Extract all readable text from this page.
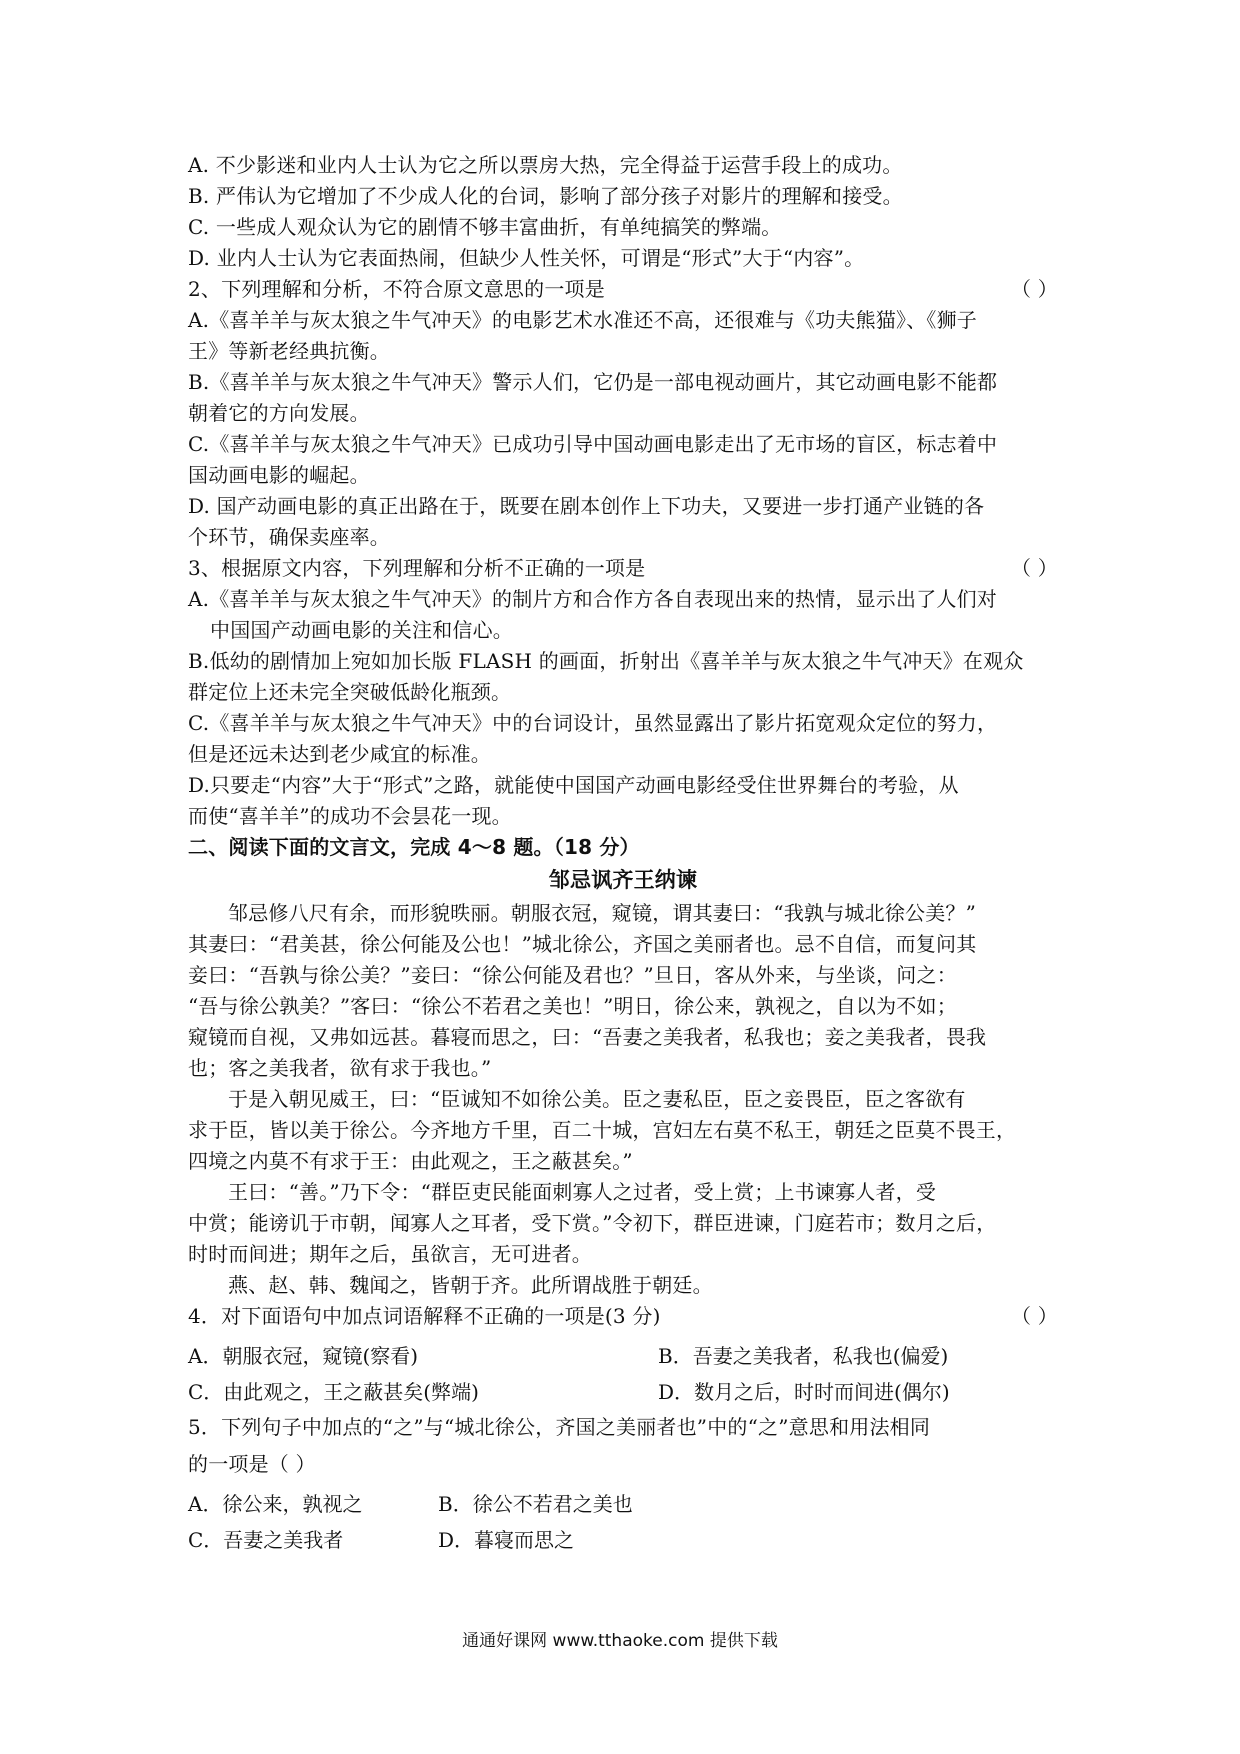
A. 不少影迷和业内人士认为它之所以票房大热，完全得益于运营手段上的成功。
B. 严伟认为它增加了不少成人化的台词，影响了部分孩子对影片的理解和接受。
C. 一些成人观众认为它的剧情不够丰富曲折，有单纯搞笑的弊端。
D. 业内人士认为它表面热闹，但缺少人性关怀，可谓是“形式”大于“内容”。
2、下列理解和分析，不符合原文意思的一项是	（ ）
A.《喜羊羊与灰太狼之牛气冲天》的电影艺术水准还不高，还很难与《功夫熊猫》、《狮子
王》等新老经典抗衡。
B.《喜羊羊与灰太狼之牛气冲天》警示人们，它仍是一部电视动画片，其它动画电影不能都
朝着它的方向发展。
C.《喜羊羊与灰太狼之牛气冲天》已成功引导中国动画电影走出了无市场的盲区，标志着中
国动画电影的崛起。
D. 国产动画电影的真正出路在于，既要在剧本创作上下功夫，又要进一步打通产业链的各
个环节，确保卖座率。
3、根据原文内容，下列理解和分析不正确的一项是	（ ）
A.《喜羊羊与灰太狼之牛气冲天》的制片方和合作方各自表现出来的热情，显示出了人们对
中国国产动画电影的关注和信心。
B.低幼的剧情加上宛如加长版 FLASH 的画面，折射出《喜羊羊与灰太狼之牛气冲天》在观众
群定位上还未完全突破低龄化瓶颈。
C.《喜羊羊与灰太狼之牛气冲天》中的台词设计，虽然显露出了影片拓宽观众定位的努力，
但是还远未达到老少咸宜的标准。
D.只要走“内容”大于“形式”之路，就能使中国国产动画电影经受住世界舞台的考验，从
而使“喜羊羊”的成功不会昙花一现。
二、阅读下面的文言文，完成 4～8 题。（18 分）
邹忌讽齐王纳谏
邹忌修八尺有余，而形貌昳丽。朝服衣冠，窥镜，谓其妻曰：“我孰与城北徐公美？”
其妻曰：“君美甚，徐公何能及公也！”城北徐公，齐国之美丽者也。忌不自信，而复问其
妾曰：“吾孰与徐公美？”妾曰：“徐公何能及君也？”旦日，客从外来，与坐谈，问之：
“吾与徐公孰美？”客曰：“徐公不若君之美也！”明日，徐公来，孰视之，自以为不如；
窥镜而自视，又弗如远甚。暮寝而思之，曰：“吾妻之美我者，私我也；妾之美我者，畏我
也；客之美我者，欲有求于我也。”
于是入朝见威王，曰：“臣诚知不如徐公美。臣之妻私臣，臣之妾畏臣，臣之客欲有
求于臣，皆以美于徐公。今齐地方千里，百二十城，宫妇左右莫不私王，朝廷之臣莫不畏王，
四境之内莫不有求于王：由此观之，王之蔽甚矣。”
王曰：“善。”乃下令：“群臣吏民能面刺寡人之过者，受上赏；上书谏寡人者，受
中赏；能谤讥于市朝，闻寡人之耳者，受下赏。”令初下，群臣进谏，门庭若市；数月之后，
时时而间进；期年之后，虽欲言，无可进者。
燕、赵、韩、魏闻之，皆朝于齐。此所谓战胜于朝廷。
4．对下面语句中加点词语解释不正确的一项是(3 分)	（ ）
A．朝服衣冠，窥镜(察看)	B．吾妻之美我者，私我也(偏爱)
C．由此观之，王之蔽甚矣(弊端)	D．数月之后，时时而间进(偶尔)
5．下列句子中加点的“之”与“城北徐公，齐国之美丽者也”中的“之”意思和用法相同
的一项是（ ）
A．徐公来，孰视之	B．徐公不若君之美也
C．吾妻之美我者	D．暮寝而思之
通通好课网 www.tthaoke.com 提供下载
